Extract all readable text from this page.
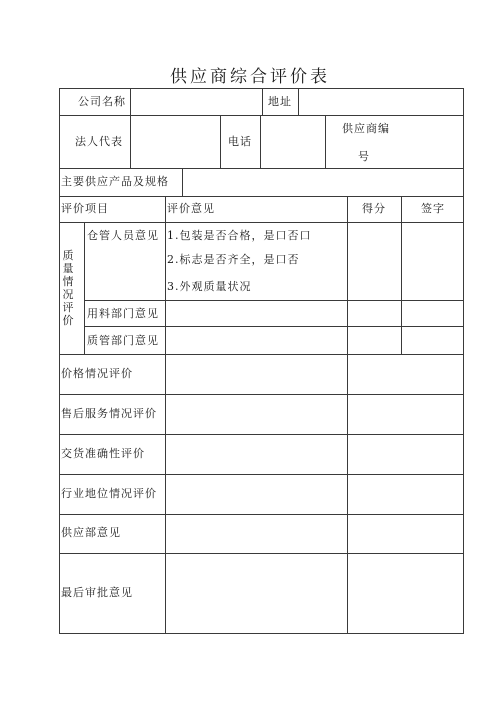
供应商综合评价表
公司名称	地址
法人代表	电话
供应商编
号
主要供应产品及规格
评价项目	评价意见	得分	签字
质量情况评价
仓管人员意见 1.包装是否合格，是口否口
2.标志是否齐全，是口否
3.外观质量状况
用料部门意见
质管部门意见
价格情况评价
售后服务情况评价
交货准确性评价
行业地位情况评价
供应部意见
最后审批意见
